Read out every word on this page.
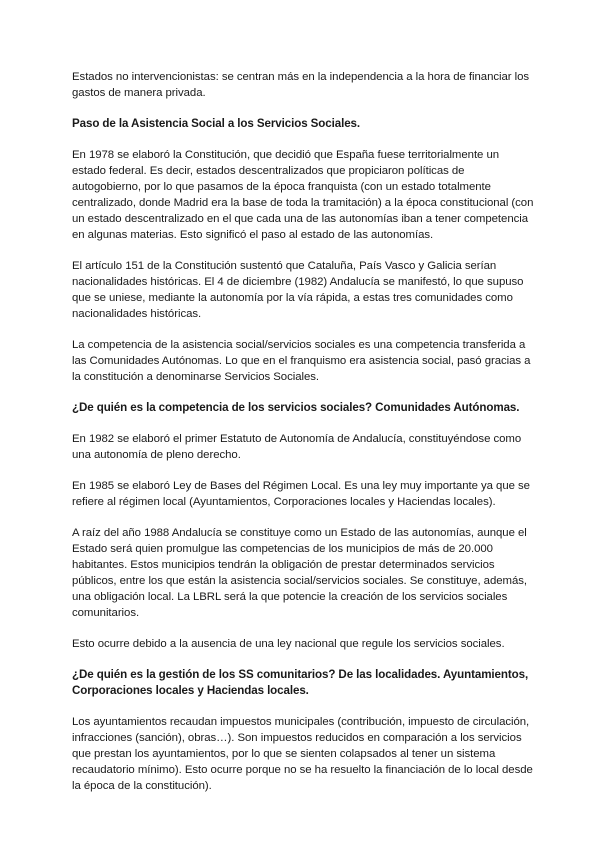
Estados no intervencionistas: se centran más en la independencia a la hora de financiar los
gastos de manera privada.

Paso de la Asistencia Social a los Servicios Sociales.

En 1978 se elaboró la Constitución, que decidió que España fuese territorialmente un
estado federal. Es decir, estados descentralizados que propiciaron políticas de
autogobierno, por lo que pasamos de la época franquista (con un estado totalmente
centralizado, donde Madrid era la base de toda la tramitación) a la época constitucional (con
un estado descentralizado en el que cada una de las autonomías iban a tener competencia
en algunas materias. Esto significó el paso al estado de las autonomías.

El artículo 151 de la Constitución sustentó que Cataluña, País Vasco y Galicia serían
nacionalidades históricas. El 4 de diciembre (1982) Andalucía se manifestó, lo que supuso
que se uniese, mediante la autonomía por la vía rápida, a estas tres comunidades como
nacionalidades históricas.

La competencia de la asistencia social/servicios sociales es una competencia transferida a
las Comunidades Autónomas. Lo que en el franquismo era asistencia social, pasó gracias a
la constitución a denominarse Servicios Sociales.

¿De quién es la competencia de los servicios sociales? Comunidades Autónomas.

En 1982 se elaboró el primer Estatuto de Autonomía de Andalucía, constituyéndose como
una autonomía de pleno derecho.

En 1985 se elaboró Ley de Bases del Régimen Local. Es una ley muy importante ya que se
refiere al régimen local (Ayuntamientos, Corporaciones locales y Haciendas locales).

A raíz del año 1988 Andalucía se constituye como un Estado de las autonomías, aunque el
Estado será quien promulgue las competencias de los municipios de más de 20.000
habitantes. Estos municipios tendrán la obligación de prestar determinados servicios
públicos, entre los que están la asistencia social/servicios sociales. Se constituye, además,
una obligación local. La LBRL será la que potencie la creación de los servicios sociales
comunitarios.

Esto ocurre debido a la ausencia de una ley nacional que regule los servicios sociales.

¿De quién es la gestión de los SS comunitarios? De las localidades. Ayuntamientos,
Corporaciones locales y Haciendas locales.

Los ayuntamientos recaudan impuestos municipales (contribución, impuesto de circulación,
infracciones (sanción), obras…). Son impuestos reducidos en comparación a los servicios
que prestan los ayuntamientos, por lo que se sienten colapsados al tener un sistema
recaudatorio mínimo). Esto ocurre porque no se ha resuelto la financiación de lo local desde
la época de la constitución).
